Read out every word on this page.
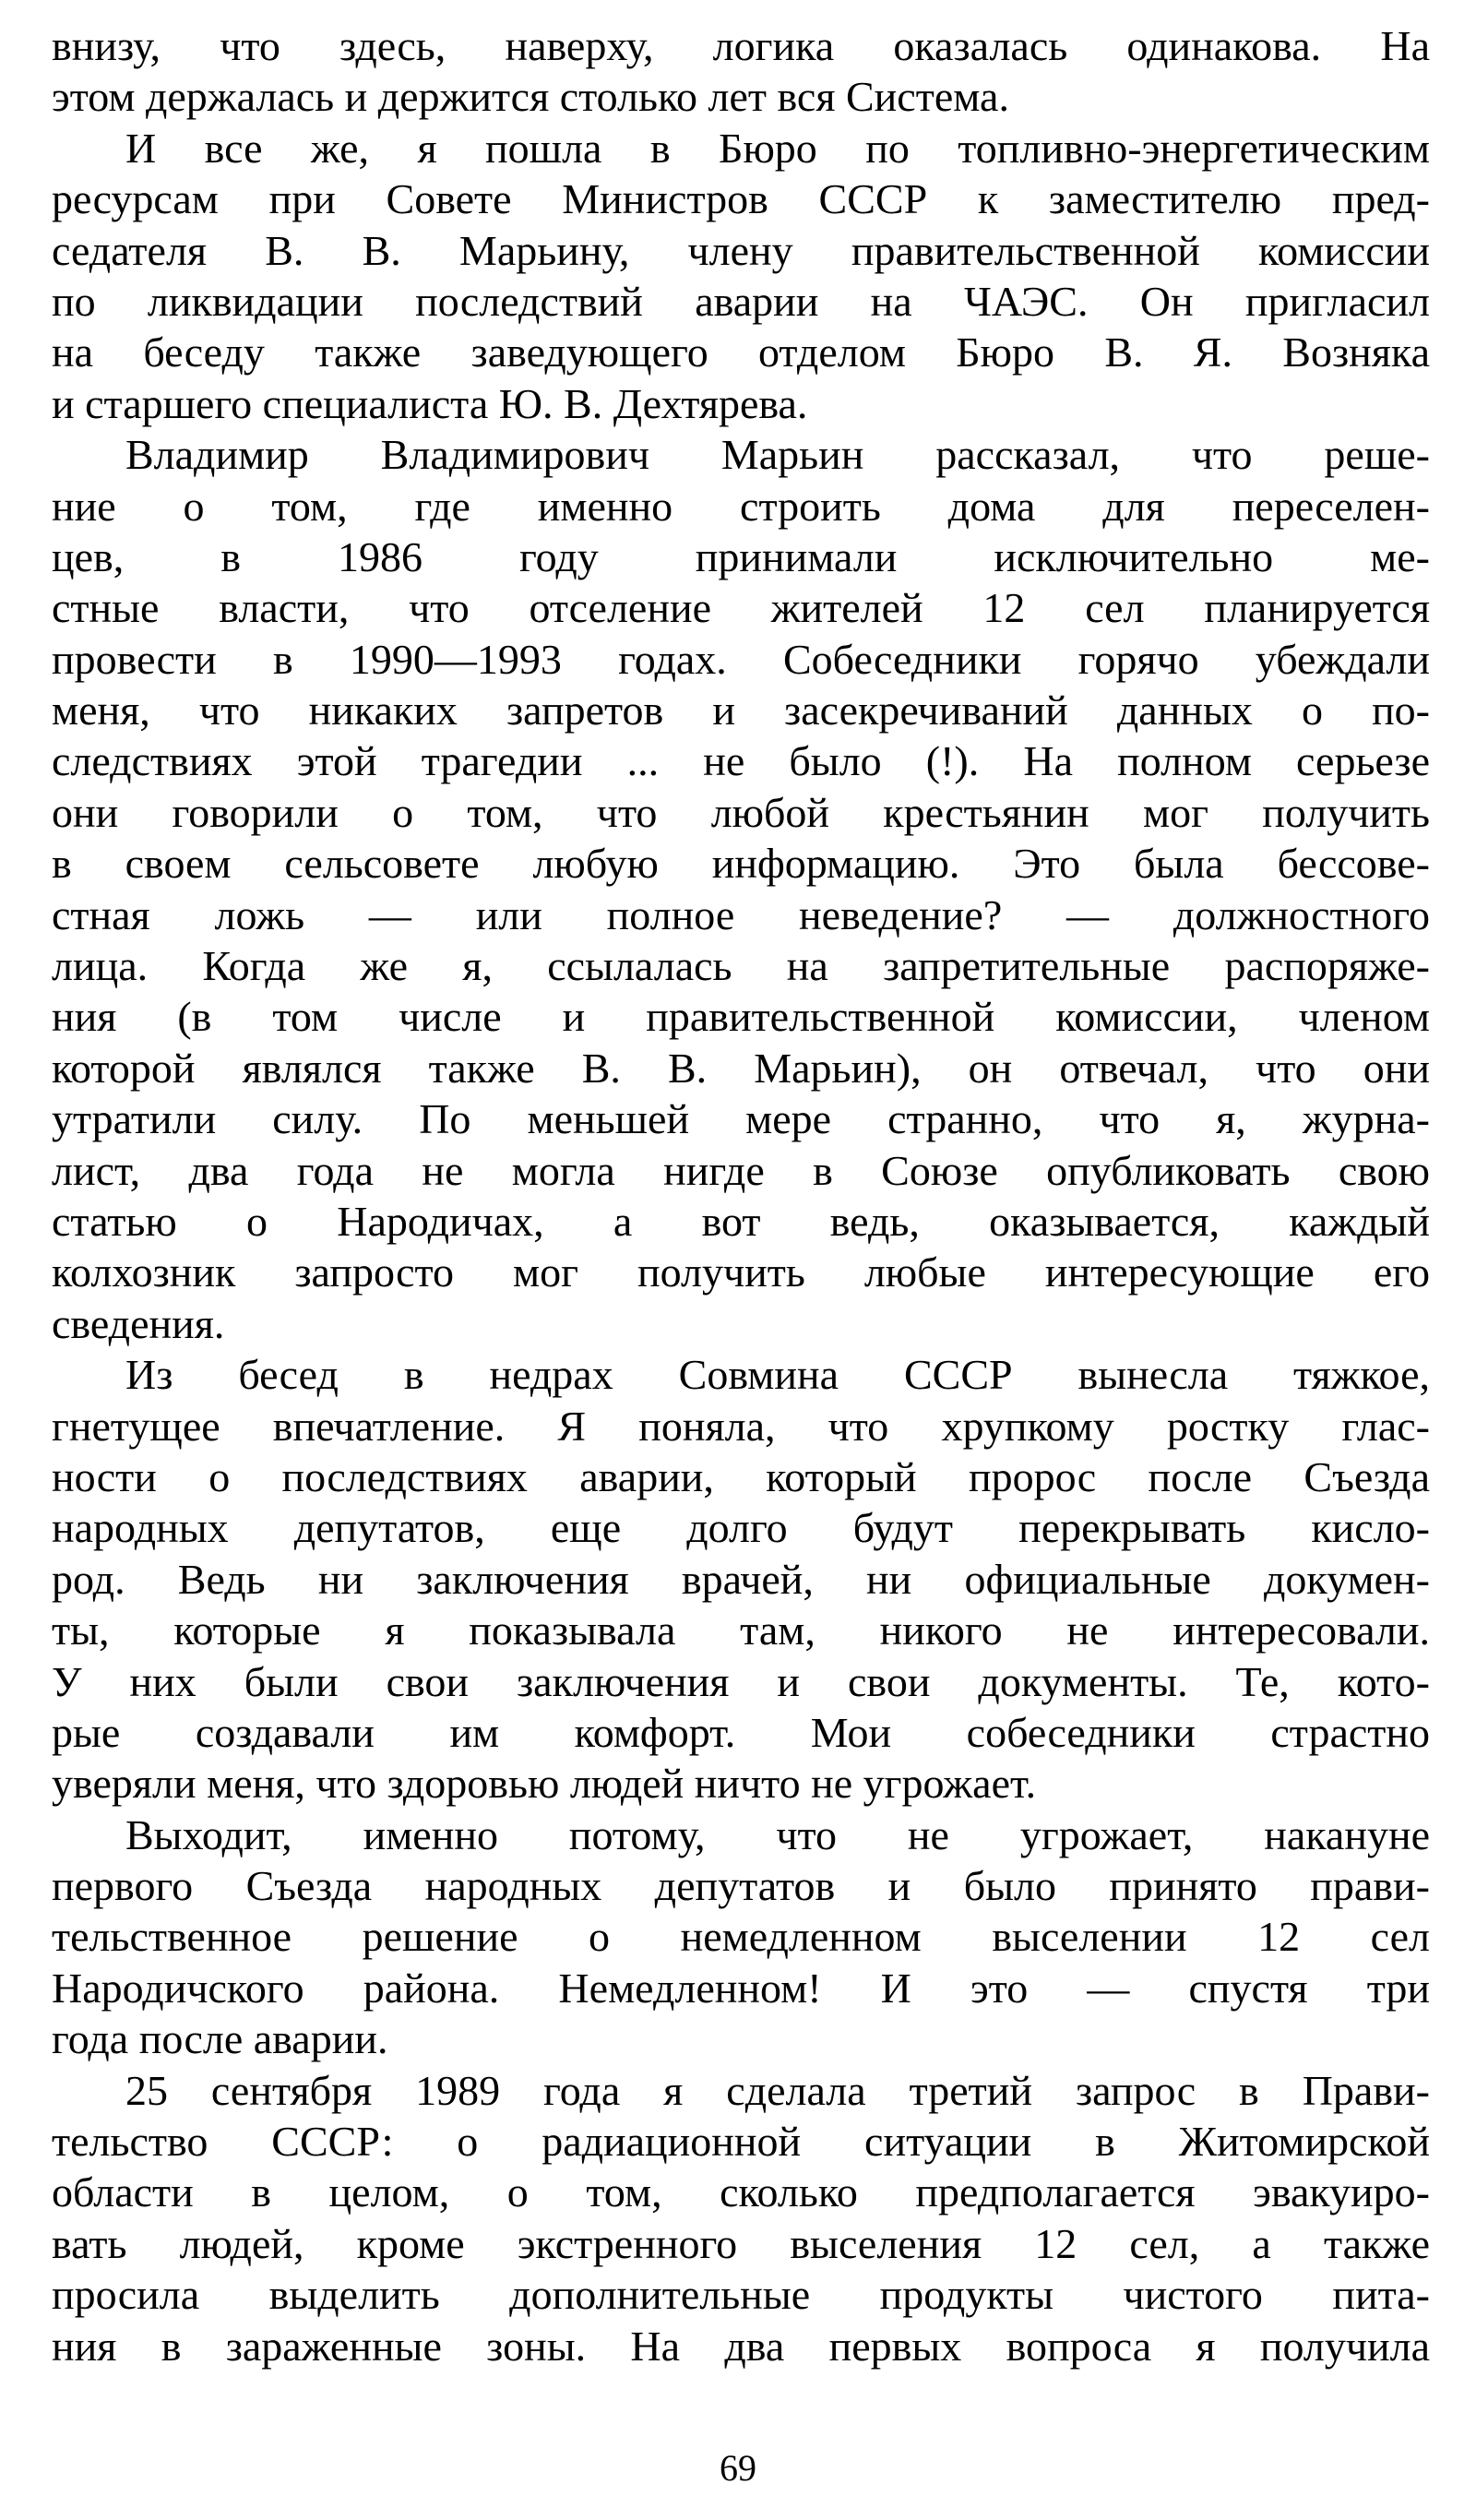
внизу, что здесь, наверху, логика оказалась одинакова. На
этом держалась и держится столько лет вся Система.
И все же, я пошла в Бюро по топливно-энергетическим
ресурсам при Совете Министров СССР к заместителю пред-
седателя В. В. Марьину, члену правительственной комиссии
по ликвидации последствий аварии на ЧАЭС. Он пригласил
на беседу также заведующего отделом Бюро В. Я. Возняка
и старшего специалиста Ю. В. Дехтярева.
Владимир Владимирович Марьин рассказал, что реше-
ние о том, где именно строить дома для переселен-
цев, в 1986 году принимали исключительно ме-
стные власти, что отселение жителей 12 сел планируется
провести в 1990—1993 годах. Собеседники горячо убеждали
меня, что никаких запретов и засекречиваний данных о по-
следствиях этой трагедии ... не было (!). На полном серьезе
они говорили о том, что любой крестьянин мог получить
в своем сельсовете любую информацию. Это была бессове-
стная ложь — или полное неведение? — должностного
лица. Когда же я, ссылалась на запретительные распоряже-
ния (в том числе и правительственной комиссии, членом
которой являлся также В. В. Марьин), он отвечал, что они
утратили силу. По меньшей мере странно, что я, журна-
лист, два года не могла нигде в Союзе опубликовать свою
статью о Народичах, а вот ведь, оказывается, каждый
колхозник запросто мог получить любые интересующие его
сведения.
Из бесед в недрах Совмина СССР вынесла тяжкое,
гнетущее впечатление. Я поняла, что хрупкому ростку глас-
ности о последствиях аварии, который пророс после Съезда
народных депутатов, еще долго будут перекрывать кисло-
род. Ведь ни заключения врачей, ни официальные докумен-
ты, которые я показывала там, никого не интересовали.
У них были свои заключения и свои документы. Те, кото-
рые создавали им комфорт. Мои собеседники страстно
уверяли меня, что здоровью людей ничто не угрожает.
Выходит, именно потому, что не угрожает, накануне
первого Съезда народных депутатов и было принято прави-
тельственное решение о немедленном выселении 12 сел
Народичского района. Немедленном! И это — спустя три
года после аварии.
25 сентября 1989 года я сделала третий запрос в Прави-
тельство СССР: о радиационной ситуации в Житомирской
области в целом, о том, сколько предполагается эвакуиро-
вать людей, кроме экстренного выселения 12 сел, а также
просила выделить дополнительные продукты чистого пита-
ния в зараженные зоны. На два первых вопроса я получила
69
